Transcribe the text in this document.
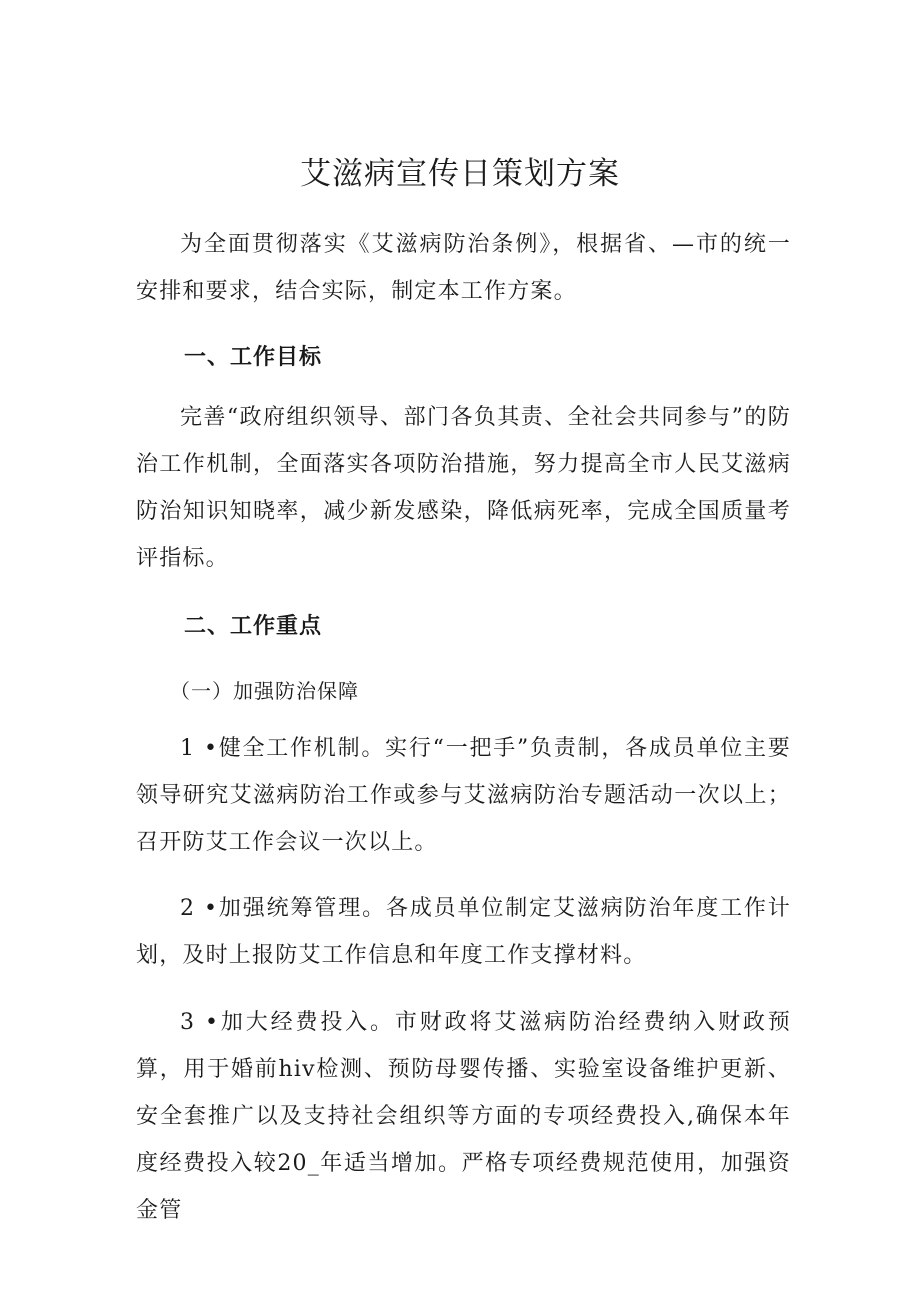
艾滋病宣传日策划方案

为全面贯彻落实《艾滋病防治条例》，根据省、—市的统一安排和要求，结合实际，制定本工作方案。

一、工作目标

完善“政府组织领导、部门各负其责、全社会共同参与”的防治工作机制，全面落实各项防治措施，努力提高全市人民艾滋病防治知识知晓率，减少新发感染，降低病死率，完成全国质量考评指标。

二、工作重点

（一）加强防治保障

1 •健全工作机制。实行“一把手”负责制，各成员单位主要领导研究艾滋病防治工作或参与艾滋病防治专题活动一次以上；召开防艾工作会议一次以上。

2 •加强统筹管理。各成员单位制定艾滋病防治年度工作计划，及时上报防艾工作信息和年度工作支撑材料。

3 •加大经费投入。市财政将艾滋病防治经费纳入财政预算，用于婚前hiv检测、预防母婴传播、实验室设备维护更新、安全套推广以及支持社会组织等方面的专项经费投入,确保本年度经费投入较20_年适当增加。严格专项经费规范使用，加强资金管
